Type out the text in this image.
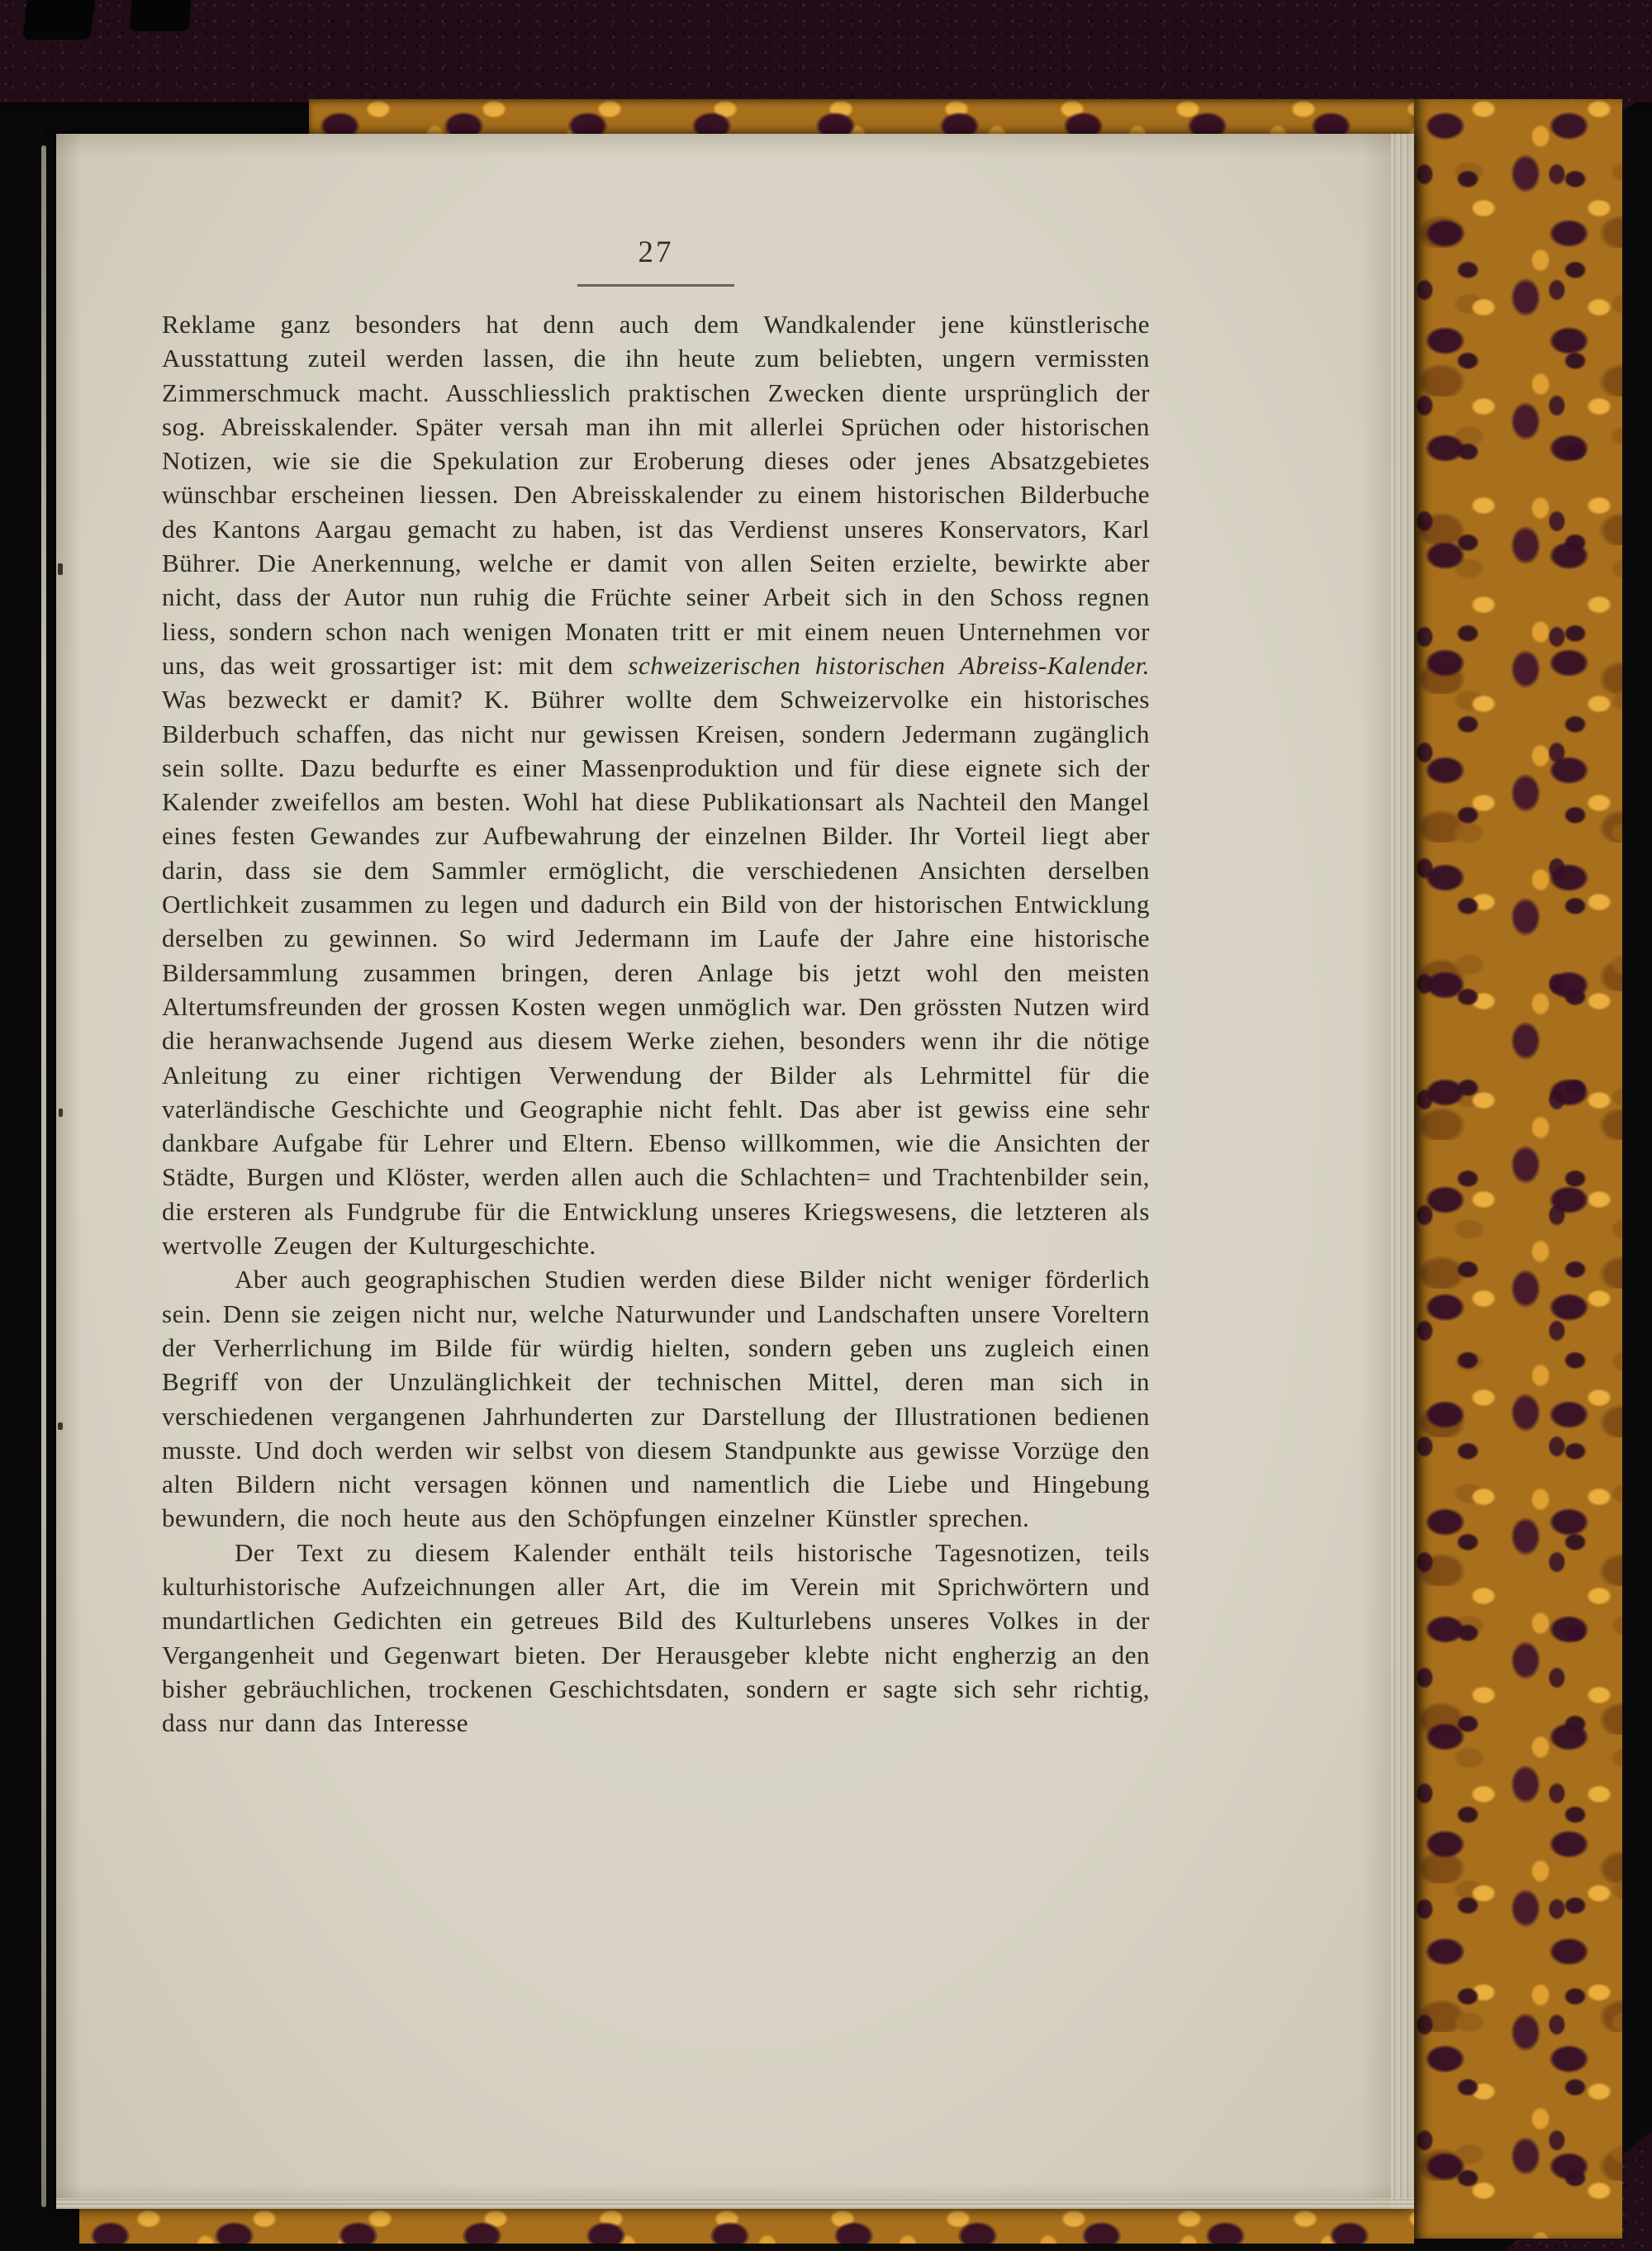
27

Reklame ganz besonders hat denn auch dem Wandkalender jene künstlerische Ausstattung zuteil werden lassen, die ihn heute zum beliebten, ungern vermissten Zimmerschmuck macht. Ausschliesslich praktischen Zwecken diente ursprünglich der sog. Abreisskalender. Später versah man ihn mit allerlei Sprüchen oder historischen Notizen, wie sie die Spekulation zur Eroberung dieses oder jenes Absatzgebietes wünschbar erscheinen liessen. Den Abreisskalender zu einem historischen Bilderbuche des Kantons Aargau gemacht zu haben, ist das Verdienst unseres Konservators, Karl Bührer. Die Anerkennung, welche er damit von allen Seiten erzielte, bewirkte aber nicht, dass der Autor nun ruhig die Früchte seiner Arbeit sich in den Schoss regnen liess, sondern schon nach wenigen Monaten tritt er mit einem neuen Unternehmen vor uns, das weit grossartiger ist: mit dem schweizerischen historischen Abreiss-Kalender. Was bezweckt er damit? K. Bührer wollte dem Schweizervolke ein historisches Bilderbuch schaffen, das nicht nur gewissen Kreisen, sondern Jedermann zugänglich sein sollte. Dazu bedurfte es einer Massenproduktion und für diese eignete sich der Kalender zweifellos am besten. Wohl hat diese Publikationsart als Nachteil den Mangel eines festen Gewandes zur Aufbewahrung der einzelnen Bilder. Ihr Vorteil liegt aber darin, dass sie dem Sammler ermöglicht, die verschiedenen Ansichten derselben Oertlichkeit zusammen zu legen und dadurch ein Bild von der historischen Entwicklung derselben zu gewinnen. So wird Jedermann im Laufe der Jahre eine historische Bildersammlung zusammen bringen, deren Anlage bis jetzt wohl den meisten Altertumsfreunden der grossen Kosten wegen unmöglich war. Den grössten Nutzen wird die heranwachsende Jugend aus diesem Werke ziehen, besonders wenn ihr die nötige Anleitung zu einer richtigen Verwendung der Bilder als Lehrmittel für die vaterländische Geschichte und Geographie nicht fehlt. Das aber ist gewiss eine sehr dankbare Aufgabe für Lehrer und Eltern. Ebenso willkommen, wie die Ansichten der Städte, Burgen und Klöster, werden allen auch die Schlachten= und Trachtenbilder sein, die ersteren als Fundgrube für die Entwicklung unseres Kriegswesens, die letzteren als wertvolle Zeugen der Kulturgeschichte.

Aber auch geographischen Studien werden diese Bilder nicht weniger förderlich sein. Denn sie zeigen nicht nur, welche Naturwunder und Landschaften unsere Voreltern der Verherrlichung im Bilde für würdig hielten, sondern geben uns zugleich einen Begriff von der Unzulänglichkeit der technischen Mittel, deren man sich in verschiedenen vergangenen Jahrhunderten zur Darstellung der Illustrationen bedienen musste. Und doch werden wir selbst von diesem Standpunkte aus gewisse Vorzüge den alten Bildern nicht versagen können und namentlich die Liebe und Hingebung bewundern, die noch heute aus den Schöpfungen einzelner Künstler sprechen.

Der Text zu diesem Kalender enthält teils historische Tagesnotizen, teils kulturhistorische Aufzeichnungen aller Art, die im Verein mit Sprichwörtern und mundartlichen Gedichten ein getreues Bild des Kulturlebens unseres Volkes in der Vergangenheit und Gegenwart bieten. Der Herausgeber klebte nicht engherzig an den bisher gebräuchlichen, trockenen Geschichtsdaten, sondern er sagte sich sehr richtig, dass nur dann das Interesse
